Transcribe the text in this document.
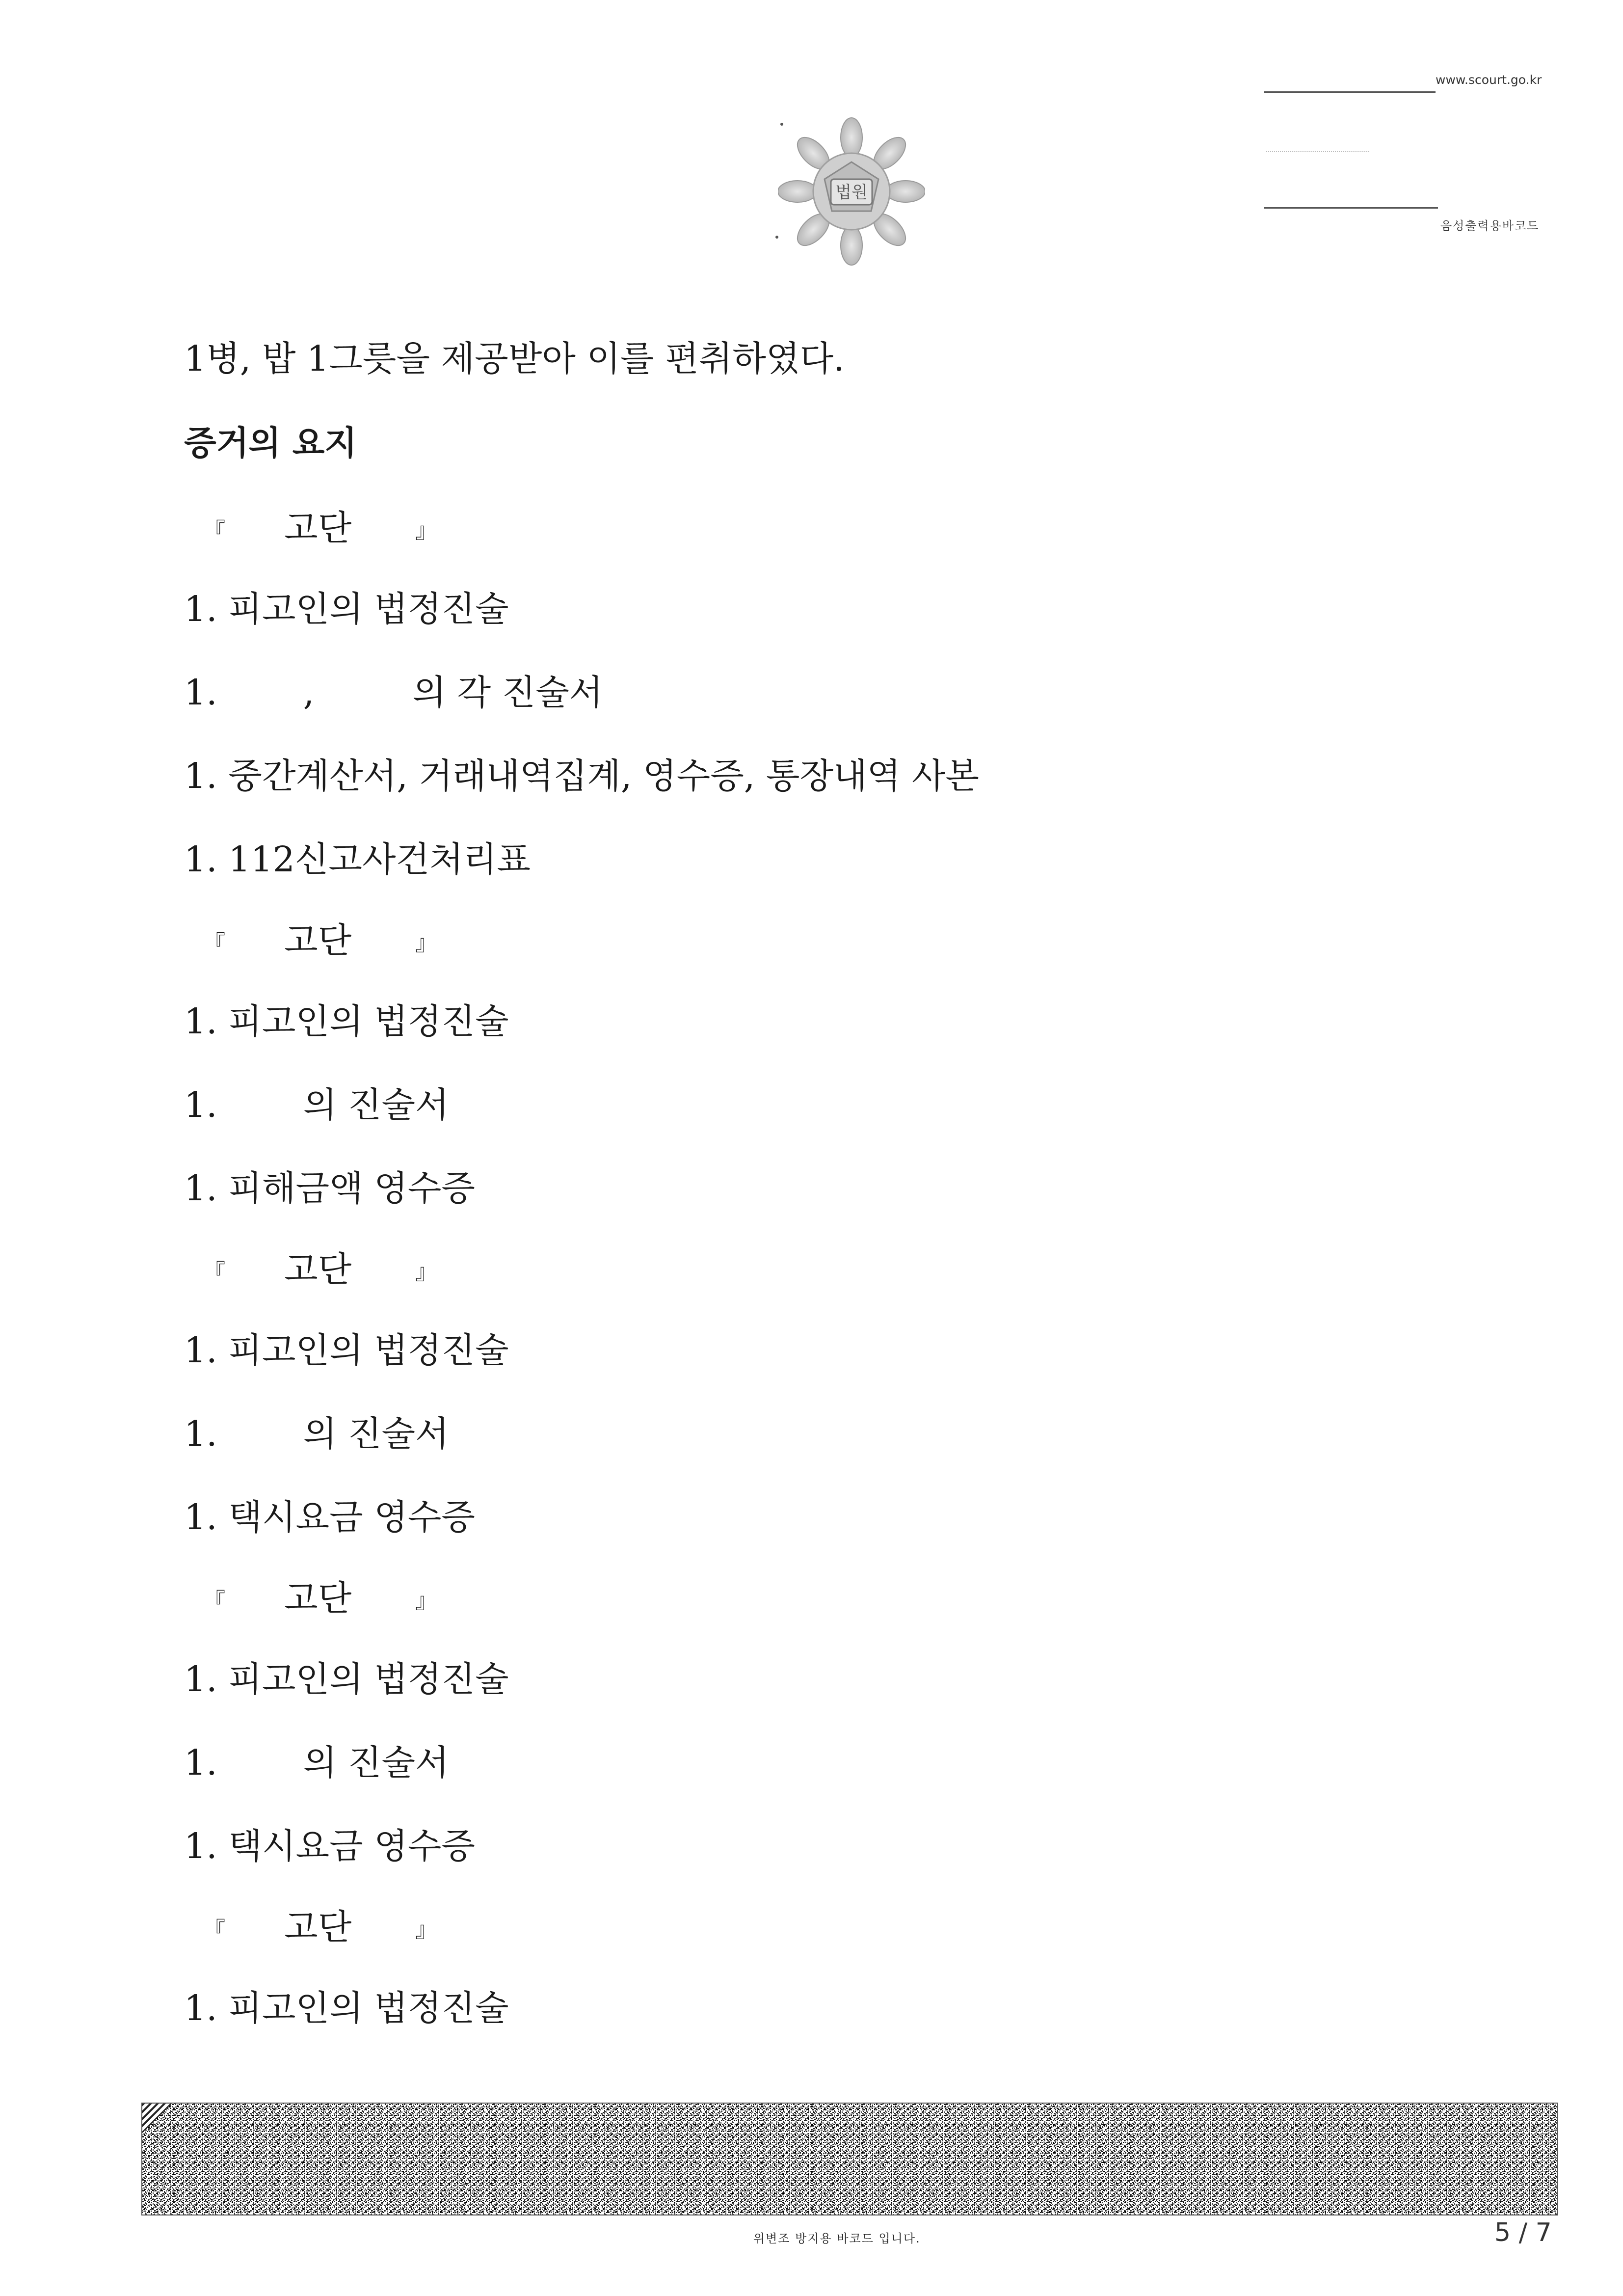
www.scourt.go.kr
음성출력용바코드
법원
1병, 밥 1그릇을 제공받아 이를 편취하였다.
증거의 요지
『 고단	』
1. 피고인의 법정진술
1. ,	의 각 진술서
1. 중간계산서, 거래내역집계, 영수증, 통장내역 사본
1. 112신고사건처리표
『 고단	』
1. 피고인의 법정진술
1. 의 진술서
1. 피해금액 영수증
『 고단	』
1. 피고인의 법정진술
1. 의 진술서
1. 택시요금 영수증
『 고단	』
1. 피고인의 법정진술
1. 의 진술서
1. 택시요금 영수증
『 고단	』
1. 피고인의 법정진술
위변조 방지용 바코드 입니다.	5 / 7
